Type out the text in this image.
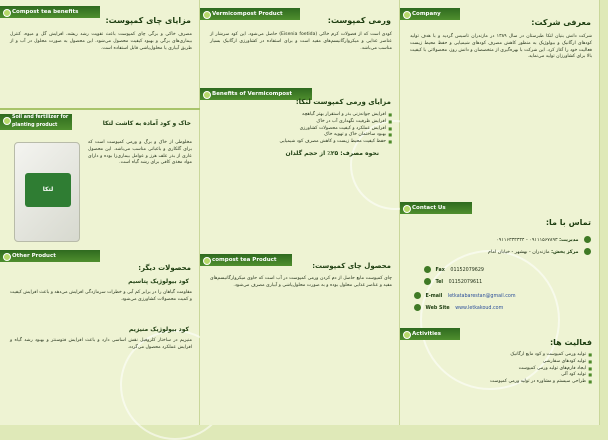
Compost tea benefits
مزایای چای کمپوست:
مصرف خاکی و برگی چای کمپوست باعث تقویت رشد ریشه، افزایش گل و میوه، کنترل بیماری‌های برگی و بهبود کیفیت محصول می‌شود. این محصول به صورت محلول در آب و از طریق آبیاری یا محلول‌پاشی قابل استفاده است.
Soil and fertilizer for planting product
لتکا
خاک و کود آماده به کاشت لتکا
مخلوطی از خاک و برگ و ورمی کمپوست است که برای گلکاری و باغبانی مناسب می‌باشد. این محصول عاری از بذر علف هرز و عوامل بیماری‌زا بوده و دارای مواد مغذی کافی برای رشد گیاه است.
Other Product
محصولات دیگر:
کود بیولوژیک پتاسیم
مقاومت گیاهان را در برابر کم آبی و خطرات سرمازدگی افزایش می‌دهد و باعث افزایش کیفیت و کمیت محصولات کشاورزی می‌شود.
کود بیولوژیک منیزیم
منیزیم در ساختار کلروفیل نقش اساسی دارد و باعث افزایش فتوسنتز و بهبود رشد گیاه و افزایش عملکرد محصول می‌گردد.
Vermicompost Product
ورمی کمپوست:
کودی است که از فضولات کرم خاکی (Eisenia foetida) حاصل می‌شود. این کود سرشار از عناصر غذایی و میکروارگانیسم‌های مفید است و برای استفاده در کشاورزی ارگانیک بسیار مناسب می‌باشد.
Benefits of Vermicompost
مزایای ورمی کمپوست لتکا:
■ افزایش جوانه‌زنی بذر و استقرار بهتر گیاهچه
■ افزایش ظرفیت نگهداری آب در خاک
■ افزایش عملکرد و کیفیت محصولات کشاورزی
■ بهبود ساختمان خاک و تهویه خاک
■ حفظ کیفیت محیط زیست و کاهش مصرف کود شیمیایی
نحوه مصرف: ۲۵٪ از حجم گلدان
compost tea Product
محصول چای کمپوست:
چای کمپوست مایع حاصل از دم کردن ورمی کمپوست در آب است که حاوی میکروارگانیسم‌های مفید و عناصر غذایی محلول بوده و به صورت محلول‌پاشی و آبیاری مصرف می‌شود.
Company
معرفی شرکت:
شرکت دانش بنیان لتکا طبرستان در سال ۱۳۸۹ در مازندران تاسیس گردید و با هدف تولید کودهای ارگانیک و بیولوژیک به منظور کاهش مصرف کودهای شیمیایی و حفظ محیط زیست فعالیت خود را آغاز کرد. این شرکت با بهره‌گیری از متخصصان و دانش روز، محصولاتی با کیفیت بالا برای کشاورزان تولید می‌نماید.
Contact Us
تماس با ما:
مدیریت: ۰۹۱۱۱۵۶۷۸۹۳ - ۰۹۱۱۶۳۳۳۳۳۴
مرکز پخش: مازندران - بهشهر - خیابان امام
Fax 01152079629
Tel 01152079611
E-mail letkatabarestan@gmail.com
Web Site www.letkakoud.com
Activities
فعالیت ها:
■ تولید ورمی کمپوست و کود مایع ارگانیک
■ تولید کودهای سفارشی
■ ایجاد فارم‌های تولید ورمی کمپوست
■ تولید کود آلی
■ طراحی سیستم و مشاوره در تولید ورمی کمپوست
